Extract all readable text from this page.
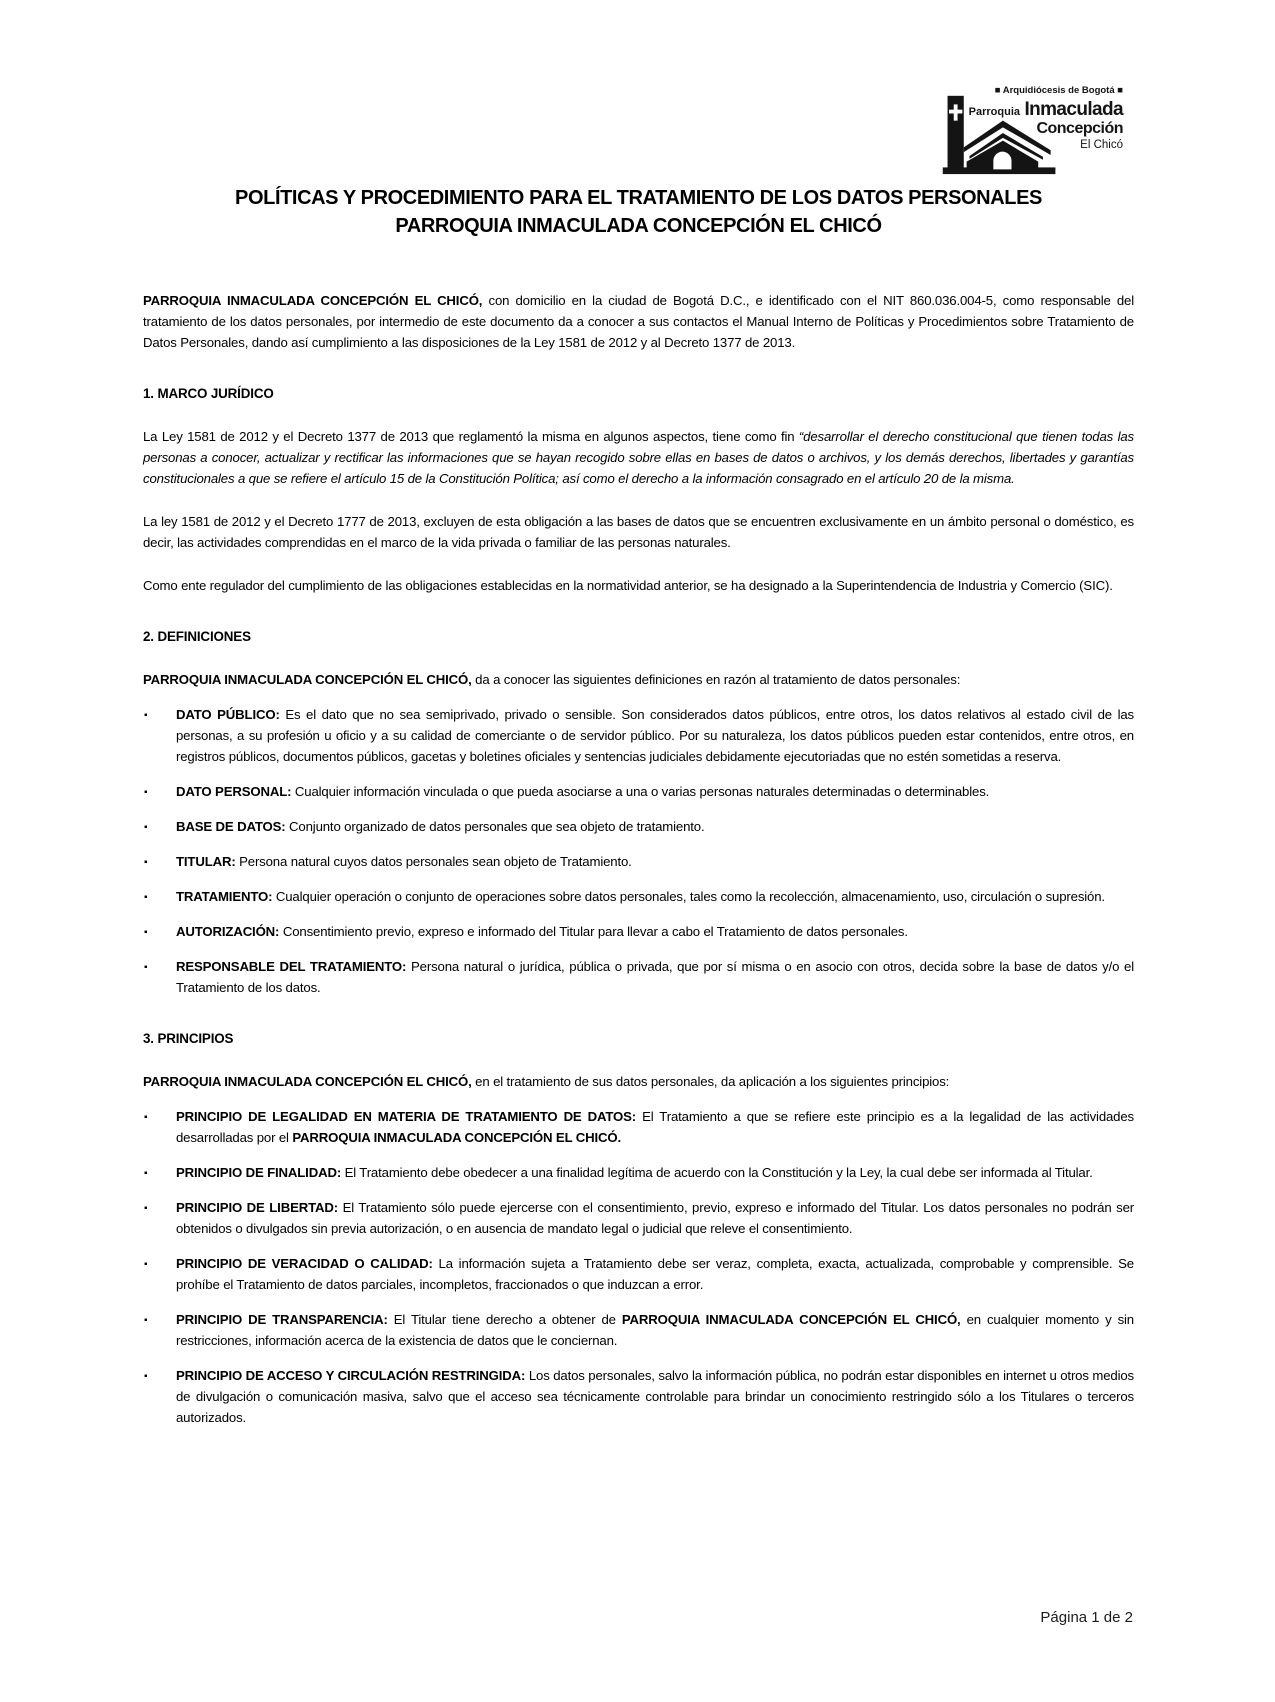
■ Arquidiócesis de Bogotá ■
Parroquia Inmaculada
Concepción
El Chicó
POLÍTICAS Y PROCEDIMIENTO PARA EL TRATAMIENTO DE LOS DATOS PERSONALES
PARROQUIA INMACULADA CONCEPCIÓN EL CHICÓ

PARROQUIA INMACULADA CONCEPCIÓN EL CHICÓ, con domicilio en la ciudad de Bogotá D.C., e identificado con el NIT 860.036.004-5, como responsable del tratamiento de los datos personales, por intermedio de este documento da a conocer a sus contactos el Manual Interno de Políticas y Procedimientos sobre Tratamiento de Datos Personales, dando así cumplimiento a las disposiciones de la Ley 1581 de 2012 y al Decreto 1377 de 2013.

1. MARCO JURÍDICO

La Ley 1581 de 2012 y el Decreto 1377 de 2013 que reglamentó la misma en algunos aspectos, tiene como fin “desarrollar el derecho constitucional que tienen todas las personas a conocer, actualizar y rectificar las informaciones que se hayan recogido sobre ellas en bases de datos o archivos, y los demás derechos, libertades y garantías constitucionales a que se refiere el artículo 15 de la Constitución Política; así como el derecho a la información consagrado en el artículo 20 de la misma.

La ley 1581 de 2012 y el Decreto 1777 de 2013, excluyen de esta obligación a las bases de datos que se encuentren exclusivamente en un ámbito personal o doméstico, es decir, las actividades comprendidas en el marco de la vida privada o familiar de las personas naturales.

Como ente regulador del cumplimiento de las obligaciones establecidas en la normatividad anterior, se ha designado a la Superintendencia de Industria y Comercio (SIC).

2. DEFINICIONES

PARROQUIA INMACULADA CONCEPCIÓN EL CHICÓ, da a conocer las siguientes definiciones en razón al tratamiento de datos personales:

▪ DATO PÚBLICO: Es el dato que no sea semiprivado, privado o sensible. Son considerados datos públicos, entre otros, los datos relativos al estado civil de las personas, a su profesión u oficio y a su calidad de comerciante o de servidor público. Por su naturaleza, los datos públicos pueden estar contenidos, entre otros, en registros públicos, documentos públicos, gacetas y boletines oficiales y sentencias judiciales debidamente ejecutoriadas que no estén sometidas a reserva.
▪ DATO PERSONAL: Cualquier información vinculada o que pueda asociarse a una o varias personas naturales determinadas o determinables.
▪ BASE DE DATOS: Conjunto organizado de datos personales que sea objeto de tratamiento.
▪ TITULAR: Persona natural cuyos datos personales sean objeto de Tratamiento.
▪ TRATAMIENTO: Cualquier operación o conjunto de operaciones sobre datos personales, tales como la recolección, almacenamiento, uso, circulación o supresión.
▪ AUTORIZACIÓN: Consentimiento previo, expreso e informado del Titular para llevar a cabo el Tratamiento de datos personales.
▪ RESPONSABLE DEL TRATAMIENTO: Persona natural o jurídica, pública o privada, que por sí misma o en asocio con otros, decida sobre la base de datos y/o el Tratamiento de los datos.
3. PRINCIPIOS

PARROQUIA INMACULADA CONCEPCIÓN EL CHICÓ, en el tratamiento de sus datos personales, da aplicación a los siguientes principios:

▪ PRINCIPIO DE LEGALIDAD EN MATERIA DE TRATAMIENTO DE DATOS: El Tratamiento a que se refiere este principio es a la legalidad de las actividades desarrolladas por el PARROQUIA INMACULADA CONCEPCIÓN EL CHICÓ.
▪ PRINCIPIO DE FINALIDAD: El Tratamiento debe obedecer a una finalidad legítima de acuerdo con la Constitución y la Ley, la cual debe ser informada al Titular.
▪ PRINCIPIO DE LIBERTAD: El Tratamiento sólo puede ejercerse con el consentimiento, previo, expreso e informado del Titular. Los datos personales no podrán ser obtenidos o divulgados sin previa autorización, o en ausencia de mandato legal o judicial que releve el consentimiento.
▪ PRINCIPIO DE VERACIDAD O CALIDAD: La información sujeta a Tratamiento debe ser veraz, completa, exacta, actualizada, comprobable y comprensible. Se prohíbe el Tratamiento de datos parciales, incompletos, fraccionados o que induzcan a error.
▪ PRINCIPIO DE TRANSPARENCIA: El Titular tiene derecho a obtener de PARROQUIA INMACULADA CONCEPCIÓN EL CHICÓ, en cualquier momento y sin restricciones, información acerca de la existencia de datos que le conciernan.
▪ PRINCIPIO DE ACCESO Y CIRCULACIÓN RESTRINGIDA: Los datos personales, salvo la información pública, no podrán estar disponibles en internet u otros medios de divulgación o comunicación masiva, salvo que el acceso sea técnicamente controlable para brindar un conocimiento restringido sólo a los Titulares o terceros autorizados.
Página 1 de 2
